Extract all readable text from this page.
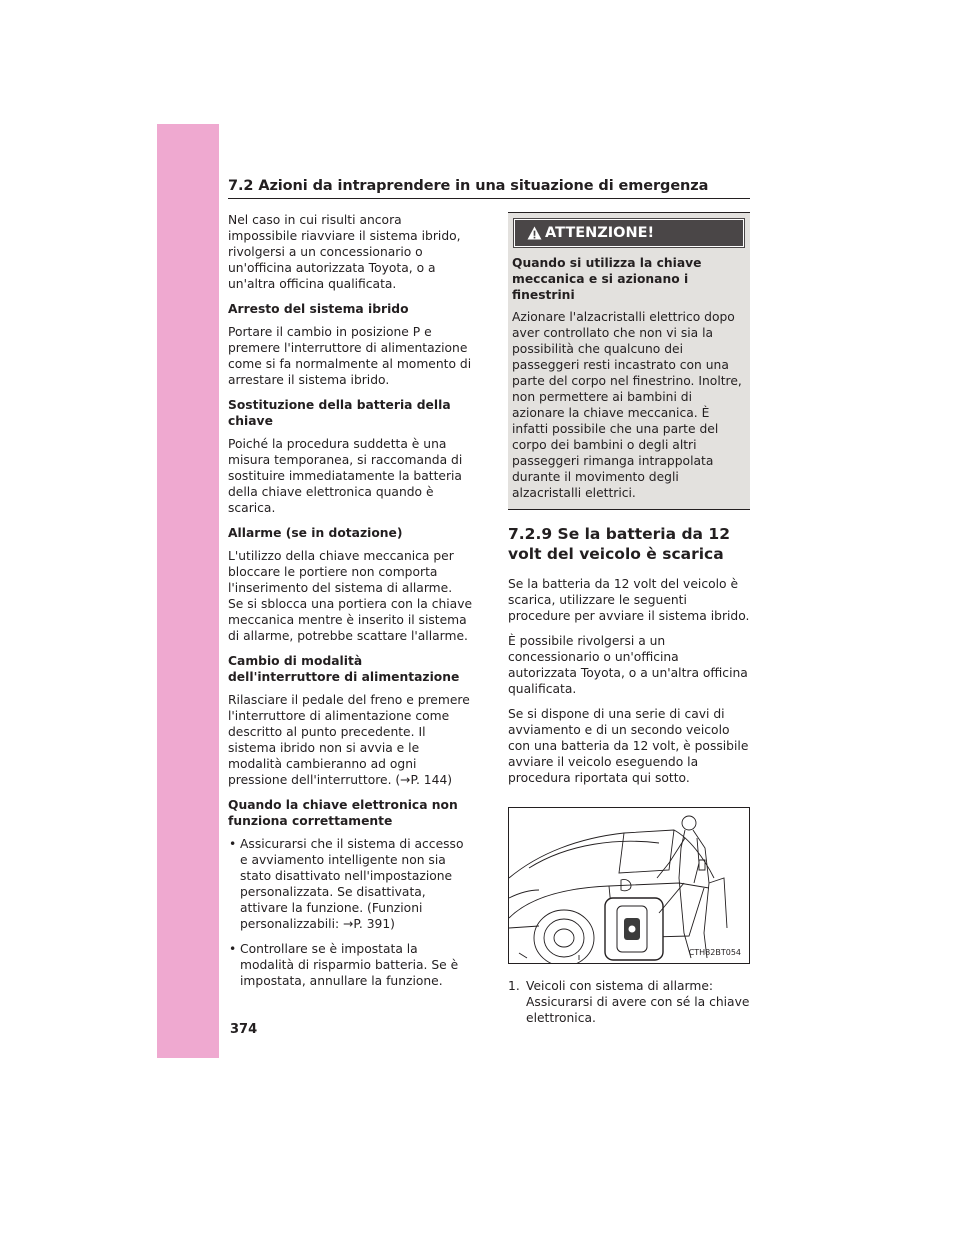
7.2 Azioni da intraprendere in una situazione di emergenza

Nel caso in cui risulti ancora impossibile riavviare il sistema ibrido, rivolgersi a un concessionario o un'officina autorizzata Toyota, o a un'altra officina qualificata.

Arresto del sistema ibrido

Portare il cambio in posizione P e premere l'interruttore di alimentazione come si fa normalmente al momento di arrestare il sistema ibrido.

Sostituzione della batteria della chiave

Poiché la procedura suddetta è una misura temporanea, si raccomanda di sostituire immediatamente la batteria della chiave elettronica quando è scarica.

Allarme (se in dotazione)

L'utilizzo della chiave meccanica per bloccare le portiere non comporta l'inserimento del sistema di allarme.
Se si sblocca una portiera con la chiave meccanica mentre è inserito il sistema di allarme, potrebbe scattare l'allarme.

Cambio di modalità dell'interruttore di alimentazione

Rilasciare il pedale del freno e premere l'interruttore di alimentazione come descritto al punto precedente. Il sistema ibrido non si avvia e le modalità cambieranno ad ogni pressione dell'interruttore. (→P. 144)

Quando la chiave elettronica non funziona correttamente

• Assicurarsi che il sistema di accesso e avviamento intelligente non sia stato disattivato nell'impostazione personalizzata. Se disattivata, attivare la funzione. (Funzioni personalizzabili: →P. 391)
• Controllare se è impostata la modalità di risparmio batteria. Se è impostata, annullare la funzione.
ATTENZIONE!
Quando si utilizza la chiave meccanica e si azionano i finestrini
Azionare l'alzacristalli elettrico dopo aver controllato che non vi sia la possibilità che qualcuno dei passeggeri resti incastrato con una parte del corpo nel finestrino. Inoltre, non permettere ai bambini di azionare la chiave meccanica. È infatti possibile che una parte del corpo dei bambini o degli altri passeggeri rimanga intrappolata durante il movimento degli alzacristalli elettrici.
7.2.9 Se la batteria da 12 volt del veicolo è scarica

Se la batteria da 12 volt del veicolo è scarica, utilizzare le seguenti procedure per avviare il sistema ibrido.

È possibile rivolgersi a un concessionario o un'officina autorizzata Toyota, o a un'altra officina qualificata.

Se si dispone di una serie di cavi di avviamento e di un secondo veicolo con una batteria da 12 volt, è possibile avviare il veicolo eseguendo la procedura riportata qui sotto.

CTH82BT054
1. Veicoli con sistema di allarme: Assicurarsi di avere con sé la chiave elettronica.
374
